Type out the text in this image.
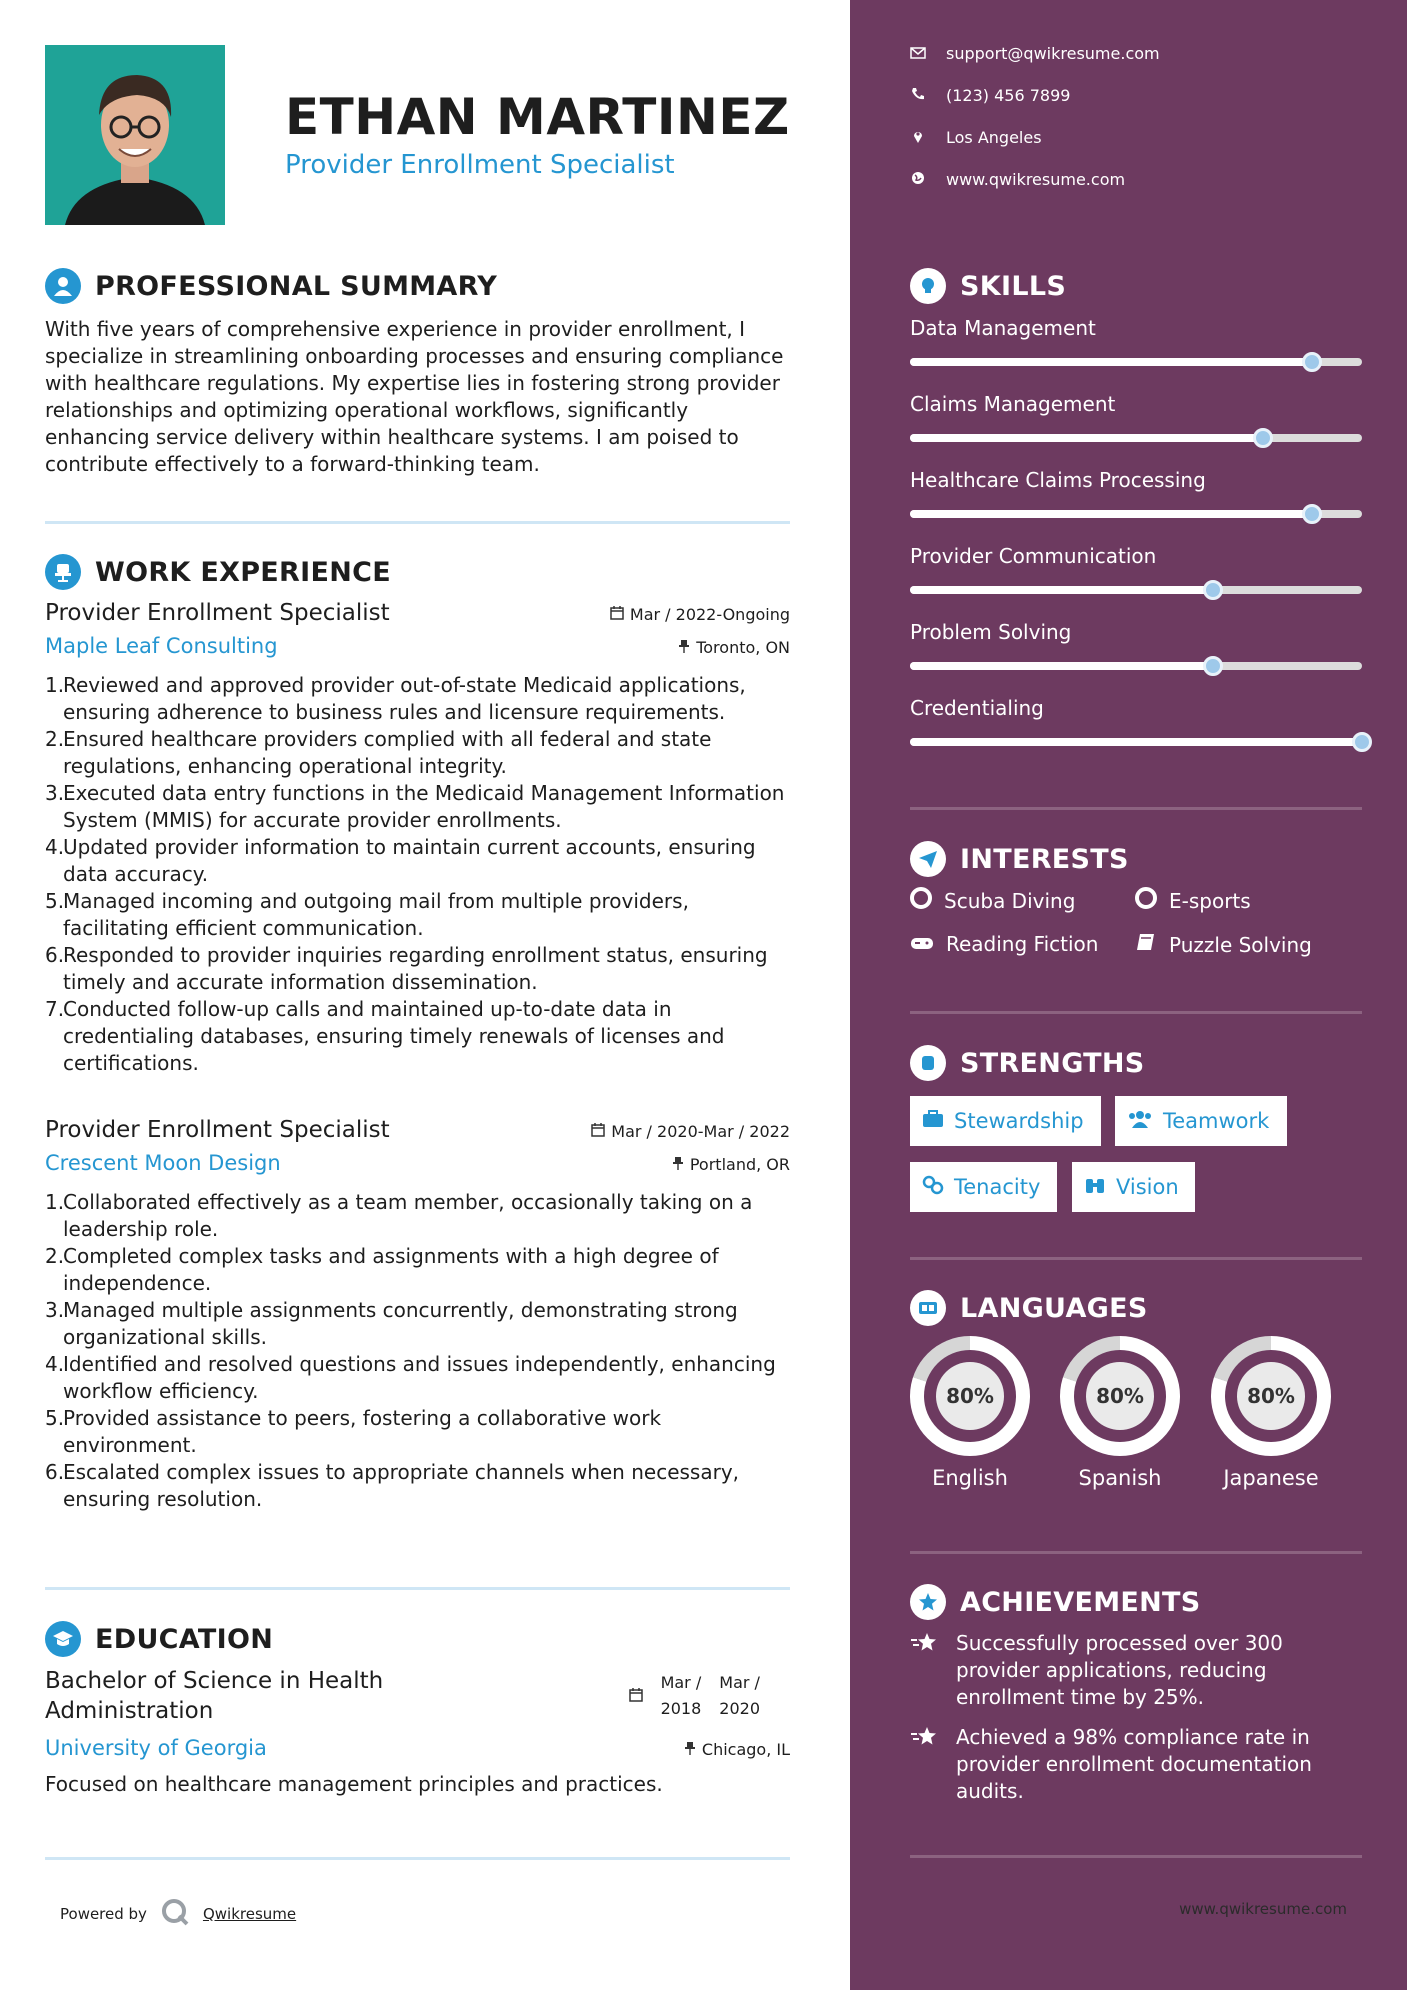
ETHAN MARTINEZ
Provider Enrollment Specialist
PROFESSIONAL SUMMARY
With five years of comprehensive experience in provider enrollment, I specialize in streamlining onboarding processes and ensuring compliance with healthcare regulations. My expertise lies in fostering strong provider relationships and optimizing operational workflows, significantly enhancing service delivery within healthcare systems. I am poised to contribute effectively to a forward-thinking team.
WORK EXPERIENCE
Provider Enrollment Specialist	Mar / 2022-Ongoing
Maple Leaf Consulting	Toronto, ON
1.
Reviewed and approved provider out-of-state Medicaid applications, ensuring adherence to business rules and licensure requirements.
2.
Ensured healthcare providers complied with all federal and state regulations, enhancing operational integrity.
3.
Executed data entry functions in the Medicaid Management Information System (MMIS) for accurate provider enrollments.
4.
Updated provider information to maintain current accounts, ensuring data accuracy.
5.
Managed incoming and outgoing mail from multiple providers, facilitating efficient communication.
6.
Responded to provider inquiries regarding enrollment status, ensuring timely and accurate information dissemination.
7.
Conducted follow-up calls and maintained up-to-date data in credentialing databases, ensuring timely renewals of licenses and certifications.
Provider Enrollment Specialist	Mar / 2020-Mar / 2022
Crescent Moon Design	Portland, OR
1.
Collaborated effectively as a team member, occasionally taking on a leadership role.
2.
Completed complex tasks and assignments with a high degree of independence.
3.
Managed multiple assignments concurrently, demonstrating strong organizational skills.
4.
Identified and resolved questions and issues independently, enhancing workflow efficiency.
5.
Provided assistance to peers, fostering a collaborative work environment.
6.
Escalated complex issues to appropriate channels when necessary, ensuring resolution.
EDUCATION
Bachelor of Science in Health
Administration
Mar /
2018
Mar /
2020
University of Georgia	Chicago, IL
Focused on healthcare management principles and practices.
Powered by	Qwikresume
support@qwikresume.com
(123) 456 7899
Los Angeles
www.qwikresume.com
SKILLS
Data Management
Claims Management
Healthcare Claims Processing
Provider Communication
Problem Solving
Credentialing
INTERESTS
Scuba Diving	E-sports
Reading Fiction	Puzzle Solving
STRENGTHS
Stewardship	Teamwork
Tenacity	Vision
LANGUAGES
80%
English
80%
Spanish
80%
Japanese
ACHIEVEMENTS
Successfully processed over 300 provider applications, reducing enrollment time by 25%.
Achieved a 98% compliance rate in provider enrollment documentation audits.
www.qwikresume.com
